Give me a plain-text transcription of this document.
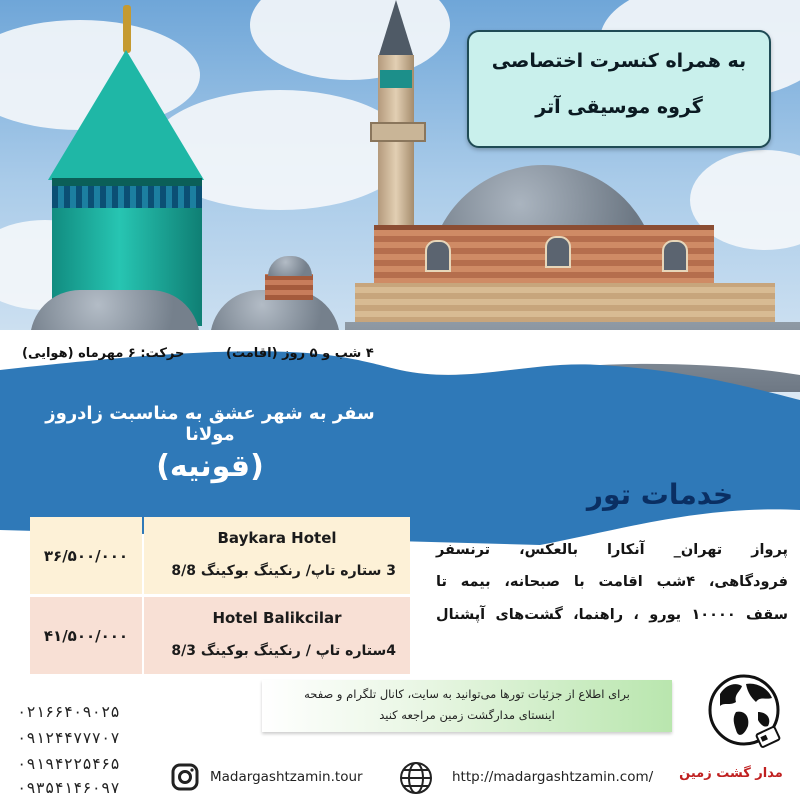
به همراه کنسرت اختصاصی
گروه موسیقی آتر
۴ شب و ۵ روز (اقامت)
حرکت: ۶ مهرماه (هوایی)
سفر به شهر عشق به مناسبت زادروز مولانا
(قونیه)
خدمات تور
پرواز تهران_ آنکارا بالعکس، ترنسفر
فرودگاهی، ۴شب اقامت با صبحانه، بیمه تا
سقف ۱۰۰۰۰ یورو ، راهنما، گشت‌های آپشنال
۳۶/۵۰۰/۰۰۰
Baykara Hotel
3 ستاره تاپ/ رنکینگ بوکینگ 8/8
۴۱/۵۰۰/۰۰۰
Hotel Balikcilar
4ستاره تاپ / رنکینگ بوکینگ 8/3
برای اطلاع از جزئیات تورها می‌توانید به سایت، کانال تلگرام و صفحه
اینستای مدارگشت زمین مراجعه کنید
۰۲۱۶۶۴۰۹۰۲۵
۰۹۱۲۴۴۷۷۷۰۷
۰۹۱۹۴۲۲۵۴۶۵
۰۹۳۵۴۱۴۶۰۹۷
Madargashtzamin.tour	http://madargashtzamin.com/ مدار گشت زمین
